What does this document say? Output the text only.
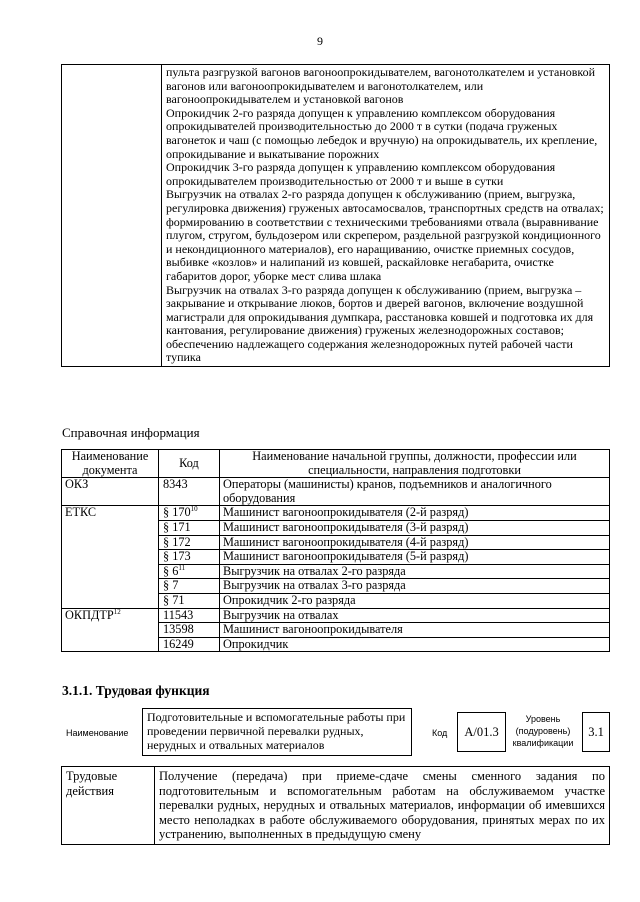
9

пульта разгрузкой вагонов вагоноопрокидывателем, вагонотолкателем и установкой вагонов или вагоноопрокидывателем и вагонотолкателем, или вагоноопрокидывателем и установкой вагонов

Опрокидчик 2-го разряда допущен к управлению комплексом оборудования опрокидывателей производительностью до 2000 т в сутки (подача груженых вагонеток и чаш (с помощью лебедок и вручную) на опрокидыватель, их крепление, опрокидывание и выкатывание порожних

Опрокидчик 3-го разряда допущен к управлению комплексом оборудования опрокидывателем производительностью от 2000 т и выше в сутки

Выгрузчик на отвалах 2-го разряда допущен к обслуживанию (прием, выгрузка, регулировка движения) груженых автосамосвалов, транспортных средств на отвалах; формированию в соответствии с техническими требованиями отвала (выравнивание плугом, стругом, бульдозером или скрепером, раздельной разгрузкой кондиционного и некондиционного материалов), его наращиванию, очистке приемных сосудов, выбивке «козлов» и налипаний из ковшей, раскайловке негабарита, очистке габаритов дорог, уборке мест слива шлака

Выгрузчик на отвалах 3-го разряда допущен к обслуживанию (прием, выгрузка – закрывание и открывание люков, бортов и дверей вагонов, включение воздушной магистрали для опрокидывания думпкара, расстановка ковшей и подготовка их для кантования, регулирование движения) груженых железнодорожных составов; обеспечению надлежащего содержания железнодорожных путей рабочей части тупика

Справочная информация
Наименование документа	Код	Наименование начальной группы, должности, профессии или специальности, направления подготовки
ОКЗ	8343	Операторы (машинисты) кранов, подъемников и аналогичного оборудования
ЕТКС	§ $170^{10}$	Машинист вагоноопрокидывателя (2-й разряд)
	§ 171	Машинист вагоноопрокидывателя (3-й разряд)
	§ 172	Машинист вагоноопрокидывателя (4-й разряд)
	§ 173	Машинист вагоноопрокидывателя (5-й разряд)
	§ $6^{11}$	Выгрузчик на отвалах 2-го разряда
	§ 7	Выгрузчик на отвалах 3-го разряда
	§ 71	Опрокидчик 2-го разряда
ОКПДТР$^{12}$	11543	Выгрузчик на отвалах
	13598	Машинист вагоноопрокидывателя
	16249	Опрокидчик
3.1.1. Трудовая функция
Наименование
Подготовительные и вспомогательные работы при проведении первичной перевалки рудных, нерудных и отвальных материалов
Код	А/01.3
Уровень (подуровень) квалификации
3.1
Трудовые действия	Получение (передача) при приеме-сдаче смены сменного задания по подготовительным и вспомогательным работам на обслуживаемом участке перевалки рудных, нерудных и отвальных материалов, информации об имевшихся место неполадках в работе обслуживаемого оборудования, принятых мерах по их устранению, выполненных в предыдущую смену
